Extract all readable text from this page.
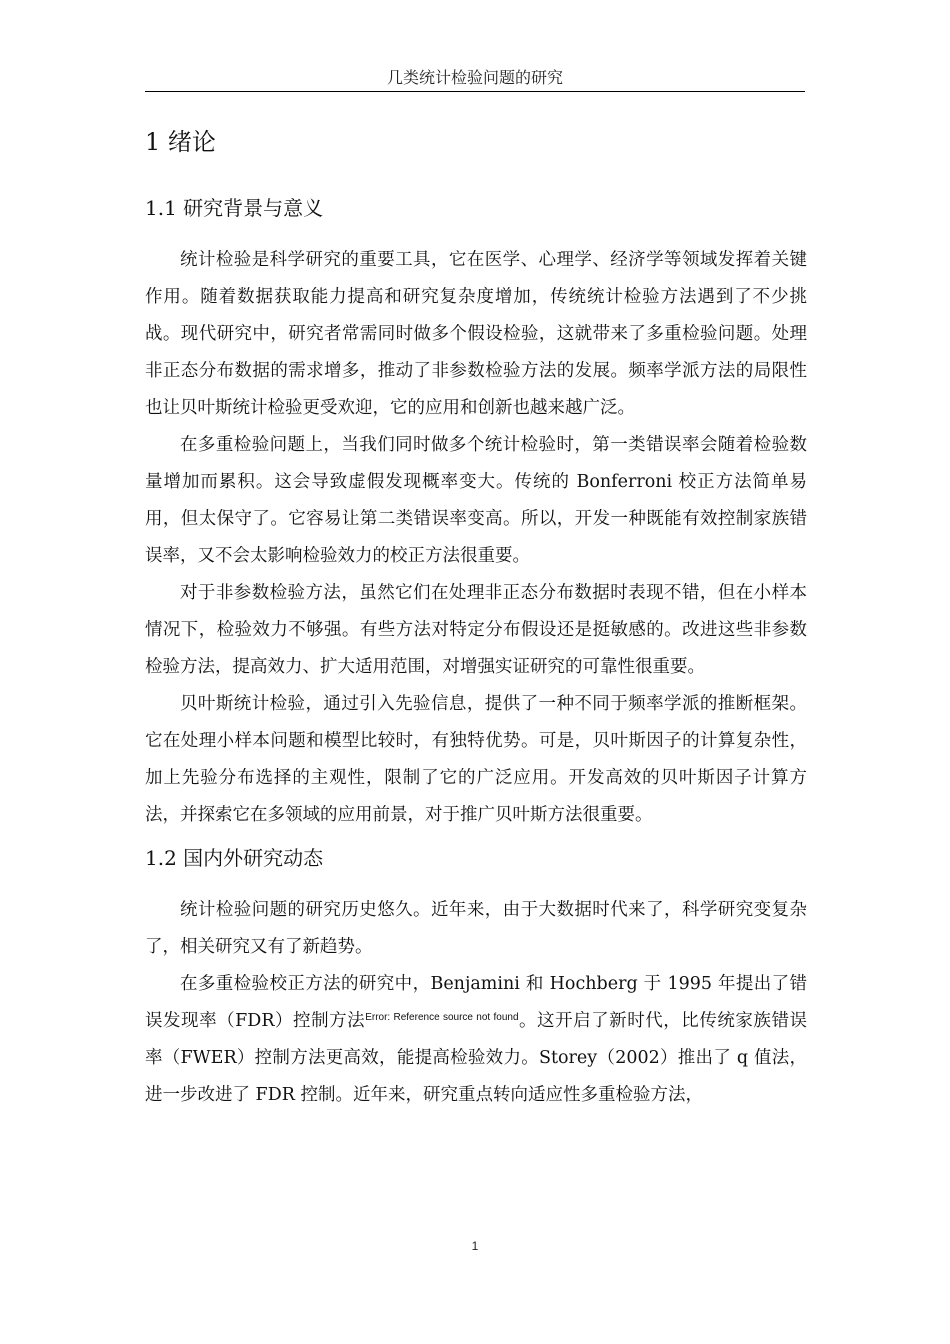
几类统计检验问题的研究
1 绪论
1.1 研究背景与意义

统计检验是科学研究的重要工具，它在医学、心理学、经济学等领域发挥着关键作用。随着数据获取能力提高和研究复杂度增加，传统统计检验方法遇到了不少挑战。现代研究中，研究者常需同时做多个假设检验，这就带来了多重检验问题。处理非正态分布数据的需求增多，推动了非参数检验方法的发展。频率学派方法的局限性也让贝叶斯统计检验更受欢迎，它的应用和创新也越来越广泛。

在多重检验问题上，当我们同时做多个统计检验时，第一类错误率会随着检验数量增加而累积。这会导致虚假发现概率变大。传统的 Bonferroni 校正方法简单易用，但太保守了。它容易让第二类错误率变高。所以，开发一种既能有效控制家族错误率，又不会太影响检验效力的校正方法很重要。

对于非参数检验方法，虽然它们在处理非正态分布数据时表现不错，但在小样本情况下，检验效力不够强。有些方法对特定分布假设还是挺敏感的。改进这些非参数检验方法，提高效力、扩大适用范围，对增强实证研究的可靠性很重要。

贝叶斯统计检验，通过引入先验信息，提供了一种不同于频率学派的推断框架。它在处理小样本问题和模型比较时，有独特优势。可是，贝叶斯因子的计算复杂性，加上先验分布选择的主观性，限制了它的广泛应用。开发高效的贝叶斯因子计算方法，并探索它在多领域的应用前景，对于推广贝叶斯方法很重要。

1.2 国内外研究动态

统计检验问题的研究历史悠久。近年来，由于大数据时代来了，科学研究变复杂了，相关研究又有了新趋势。

在多重检验校正方法的研究中，Benjamini 和 Hochberg 于 1995 年提出了错误发现率（FDR）控制方法$^{Error: Reference source not found}$。这开启了新时代，比传统家族错误率（FWER）控制方法更高效，能提高检验效力。Storey（2002）推出了 q 值法，进一步改进了 FDR 控制。近年来，研究重点转向适应性多重检验方法，

1
